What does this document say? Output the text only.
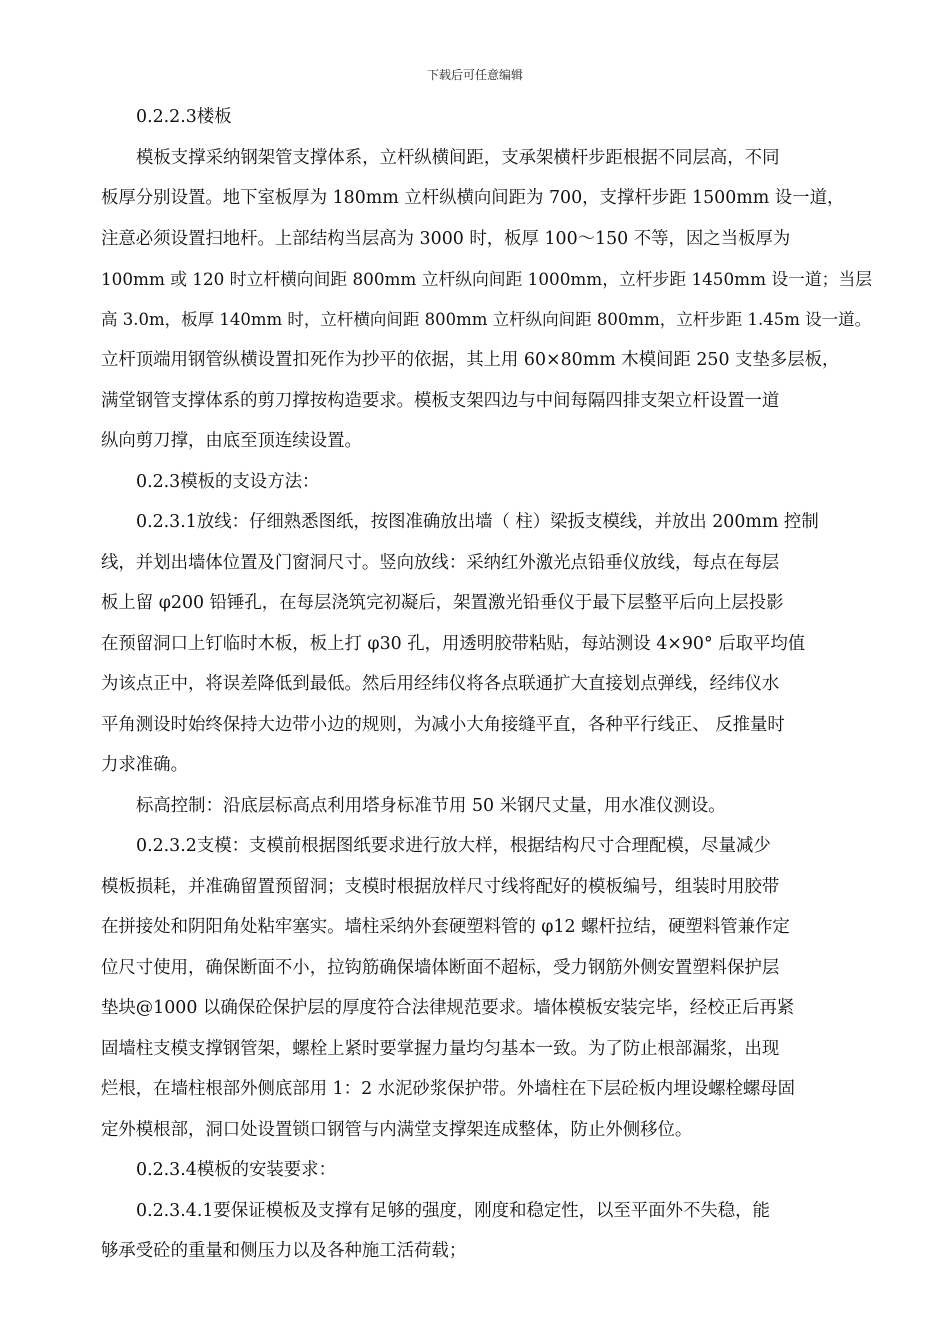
下载后可任意编辑

0.2.2.3楼板

模板支撑采纳钢架管支撑体系，立杆纵横间距，支承架横杆步距根据不同层高，不同

板厚分别设置。地下室板厚为 180mm 立杆纵横向间距为 700，支撑杆步距 1500mm 设一道，

注意必须设置扫地杆。上部结构当层高为 3000 时，板厚 100～150 不等，因之当板厚为

100mm 或 120 时立杆横向间距 800mm 立杆纵向间距 1000mm，立杆步距 1450mm 设一道；当层

高 3.0m，板厚 140mm 时，立杆横向间距 800mm 立杆纵向间距 800mm，立杆步距 1.45m 设一道。

立杆顶端用钢管纵横设置扣死作为抄平的依据，其上用 60×80mm 木模间距 250 支垫多层板，

满堂钢管支撑体系的剪刀撑按构造要求。模板支架四边与中间每隔四排支架立杆设置一道

纵向剪刀撑，由底至顶连续设置。

0.2.3模板的支设方法：

0.2.3.1放线：仔细熟悉图纸，按图准确放出墙（ 柱）梁扳支模线，并放出 200mm 控制

线，并划出墙体位置及门窗洞尺寸。竖向放线：采纳红外激光点铅垂仪放线，每点在每层

板上留 φ200 铅锤孔，在每层浇筑完初凝后，架置激光铅垂仪于最下层整平后向上层投影

在预留洞口上钉临时木板，板上打 φ30 孔，用透明胶带粘贴，每站测设 4×90° 后取平均值

为该点正中，将误差降低到最低。然后用经纬仪将各点联通扩大直接划点弹线，经纬仪水

平角测设时始终保持大边带小边的规则，为减小大角接缝平直，各种平行线正、 反推量时

力求准确。

标高控制：沿底层标高点利用塔身标准节用 50 米钢尺丈量，用水准仪测设。

0.2.3.2支模：支模前根据图纸要求进行放大样，根据结构尺寸合理配模，尽量减少

模板损耗，并准确留置预留洞；支模时根据放样尺寸线将配好的模板编号，组装时用胶带

在拼接处和阴阳角处粘牢塞实。墙柱采纳外套硬塑料管的 φ12 螺杆拉结，硬塑料管兼作定

位尺寸使用，确保断面不小，拉钩筋确保墙体断面不超标，受力钢筋外侧安置塑料保护层

垫块@1000 以确保砼保护层的厚度符合法律规范要求。墙体模板安装完毕，经校正后再紧

固墙柱支模支撑钢管架，螺栓上紧时要掌握力量均匀基本一致。为了防止根部漏浆，出现

烂根，在墙柱根部外侧底部用 1：2 水泥砂浆保护带。外墙柱在下层砼板内埋设螺栓螺母固

定外模根部，洞口处设置锁口钢管与内满堂支撑架连成整体，防止外侧移位。

0.2.3.4模板的安装要求：

0.2.3.4.1要保证模板及支撑有足够的强度，刚度和稳定性，以至平面外不失稳，能

够承受砼的重量和侧压力以及各种施工活荷载；
